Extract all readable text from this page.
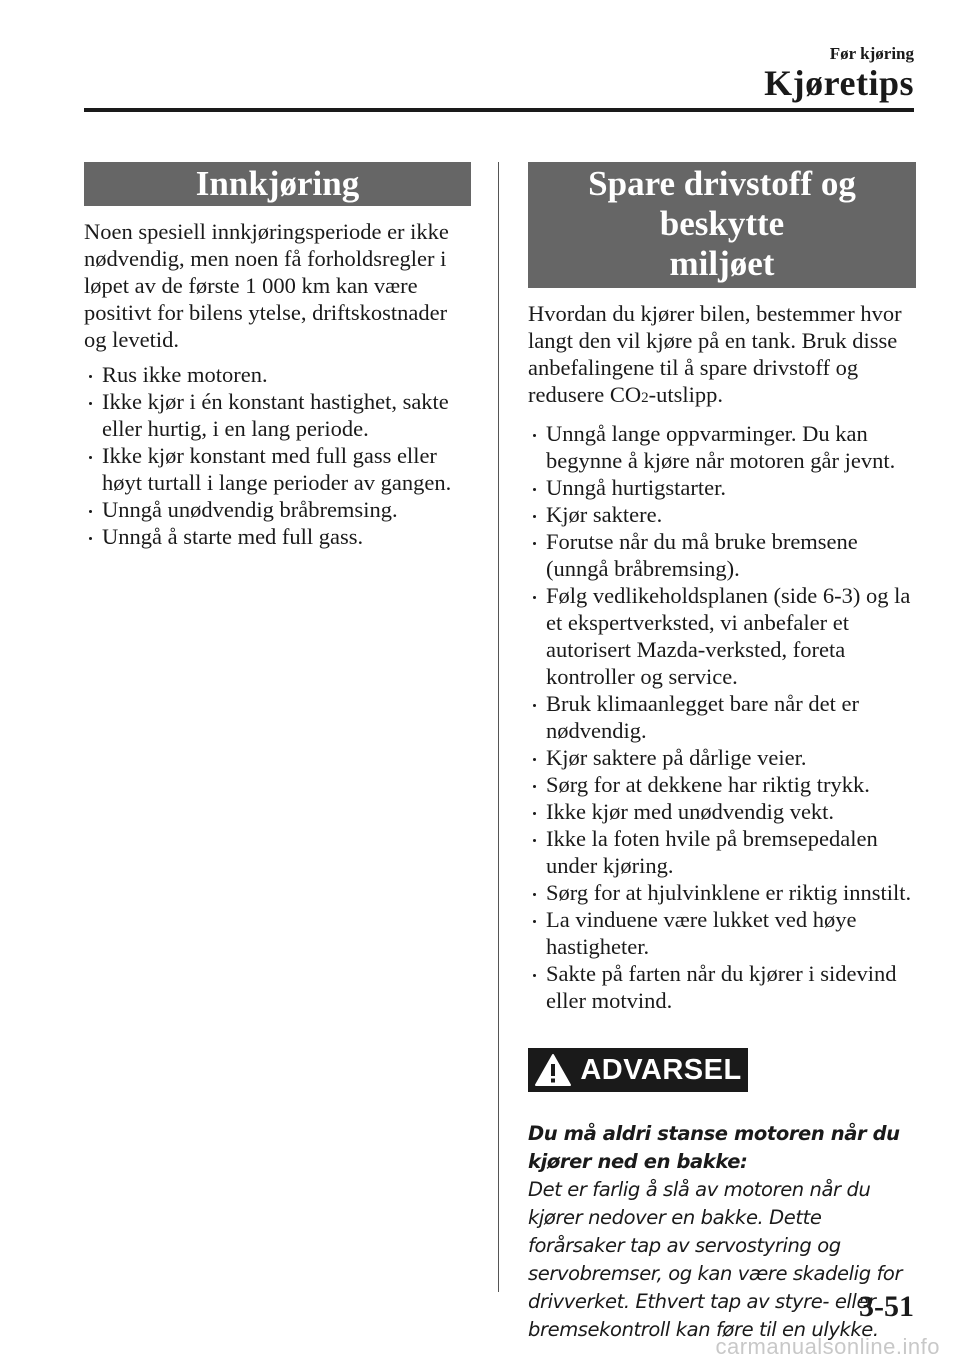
Før kjøring
Kjøretips
Innkjøring

Noen spesiell innkjøringsperiode er ikke nødvendig, men noen få forholdsregler i løpet av de første 1 000 km kan være positivt for bilens ytelse, driftskostnader og levetid.

Rus ikke motoren.
Ikke kjør i én konstant hastighet, sakte eller hurtig, i en lang periode.
Ikke kjør konstant med full gass eller høyt turtall i lange perioder av gangen.
Unngå unødvendig bråbremsing.
Unngå å starte med full gass.
Spare drivstoff og beskytte
miljøet

Hvordan du kjører bilen, bestemmer hvor langt den vil kjøre på en tank. Bruk disse anbefalingene til å spare drivstoff og redusere CO2-utslipp.

Unngå lange oppvarminger. Du kan begynne å kjøre når motoren går jevnt.
Unngå hurtigstarter.
Kjør saktere.
Forutse når du må bruke bremsene (unngå bråbremsing).
Følg vedlikeholdsplanen (side 6-3) og la et ekspertverksted, vi anbefaler et autorisert Mazda-verksted, foreta kontroller og service.
Bruk klimaanlegget bare når det er nødvendig.
Kjør saktere på dårlige veier.
Sørg for at dekkene har riktig trykk.
Ikke kjør med unødvendig vekt.
Ikke la foten hvile på bremsepedalen under kjøring.
Sørg for at hjulvinklene er riktig innstilt.
La vinduene være lukket ved høye hastigheter.
Sakte på farten når du kjører i sidevind eller motvind.
ADVARSEL

Du må aldri stanse motoren når du kjører ned en bakke:

Det er farlig å slå av motoren når du kjører nedover en bakke. Dette forårsaker tap av servostyring og servobremser, og kan være skadelig for drivverket. Ethvert tap av styre- eller bremsekontroll kan føre til en ulykke.

3-51
carmanualsonline.info
